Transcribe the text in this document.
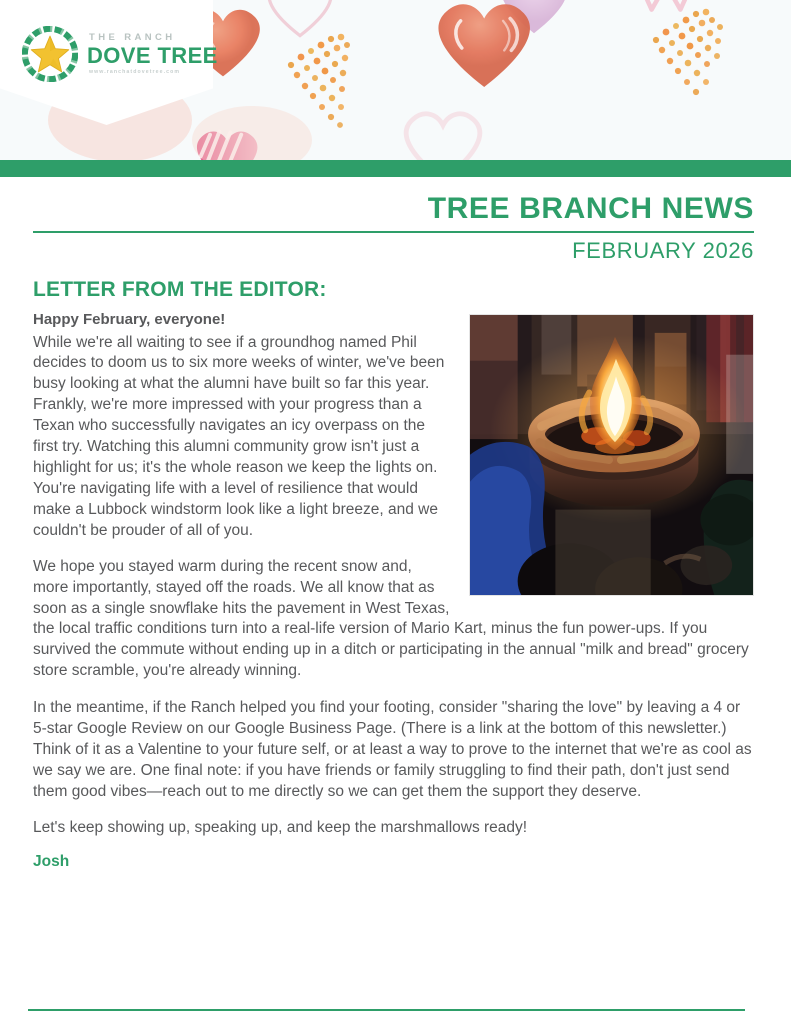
THE RANCH
DOVE TREE
www.ranchatdovetree.com
TREE BRANCH NEWS
FEBRUARY 2026
LETTER FROM THE EDITOR:
Happy February, everyone!

While we're all waiting to see if a groundhog named Phil decides to doom us to six more weeks of winter, we've been busy looking at what the alumni have built so far this year. Frankly, we're more impressed with your progress than a Texan who successfully navigates an icy overpass on the first try. Watching this alumni community grow isn't just a highlight for us; it's the whole reason we keep the lights on. You're navigating life with a level of resilience that would make a Lubbock windstorm look like a light breeze, and we couldn't be prouder of all of you.

We hope you stayed warm during the recent snow and, more importantly, stayed off the roads. We all know that as soon as a single snowflake hits the pavement in West Texas, the local traffic conditions turn into a real-life version of Mario Kart, minus the fun power-ups. If you survived the commute without ending up in a ditch or participating in the annual "milk and bread" grocery store scramble, you're already winning.

In the meantime, if the Ranch helped you find your footing, consider "sharing the love" by leaving a 4 or 5-star Google Review on our Google Business Page. (There is a link at the bottom of this newsletter.) Think of it as a Valentine to your future self, or at least a way to prove to the internet that we're as cool as we say we are. One final note: if you have friends or family struggling to find their path, don't just send them good vibes—reach out to me directly so we can get them the support they deserve.

Let's keep showing up, speaking up, and keep the marshmallows ready!
Josh
